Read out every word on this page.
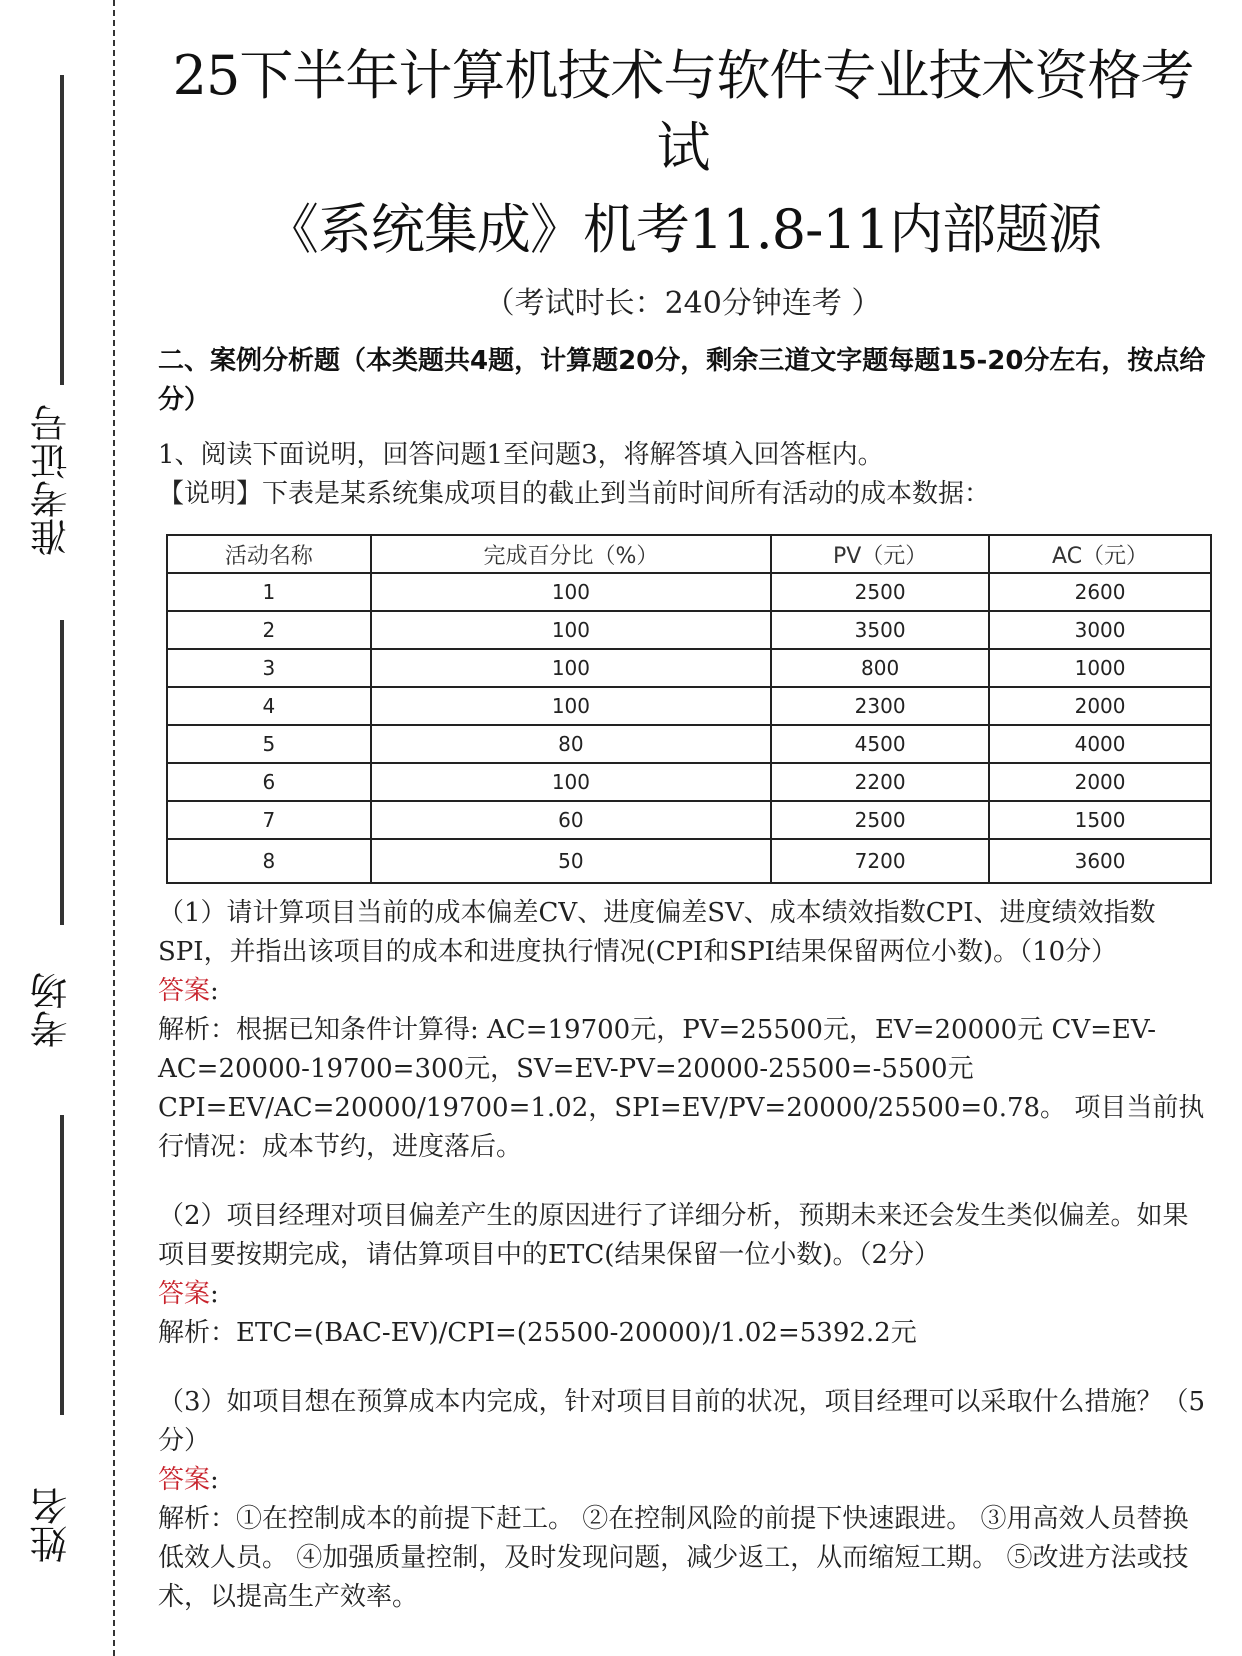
准考证号
考场
姓名
25下半年计算机技术与软件专业技术资格考试
《系统集成》机考11.8-11内部题源
（考试时长：240分钟连考 ）
二、案例分析题（本类题共4题，计算题20分，剩余三道文字题每题15-20分左右，按点给分）

1、阅读下面说明，回答问题1至问题3，将解答填入回答框内。

【说明】下表是某系统集成项目的截止到当前时间所有活动的成本数据：

活动名称	完成百分比（%）	PV（元）	AC（元）
1	100	2500	2600
2	100	3500	3000
3	100	800	1000
4	100	2300	2000
5	80	4500	4000
6	100	2200	2000
7	60	2500	1500
8	50	7200	3600

（1）请计算项目当前的成本偏差CV、进度偏差SV、成本绩效指数CPI、进度绩效指数SPI，并指出该项目的成本和进度执行情况(CPI和SPI结果保留两位小数)。（10分）

答案:

解析：根据已知条件计算得: AC=19700元，PV=25500元，EV=20000元 CV=EV-AC=20000-19700=300元，SV=EV-PV=20000-25500=-5500元 CPI=EV/AC=20000/19700=1.02，SPI=EV/PV=20000/25500=0.78。 项目当前执行情况：成本节约，进度落后。

（2）项目经理对项目偏差产生的原因进行了详细分析，预期未来还会发生类似偏差。如果项目要按期完成，请估算项目中的ETC(结果保留一位小数)。（2分）

答案:

解析：ETC=(BAC-EV)/CPI=(25500-20000)/1.02=5392.2元

（3）如项目想在预算成本内完成，针对项目目前的状况，项目经理可以采取什么措施？（5分）

答案:

解析：①在控制成本的前提下赶工。 ②在控制风险的前提下快速跟进。 ③用高效人员替换低效人员。 ④加强质量控制，及时发现问题，减少返工，从而缩短工期。 ⑤改进方法或技术，以提高生产效率。
